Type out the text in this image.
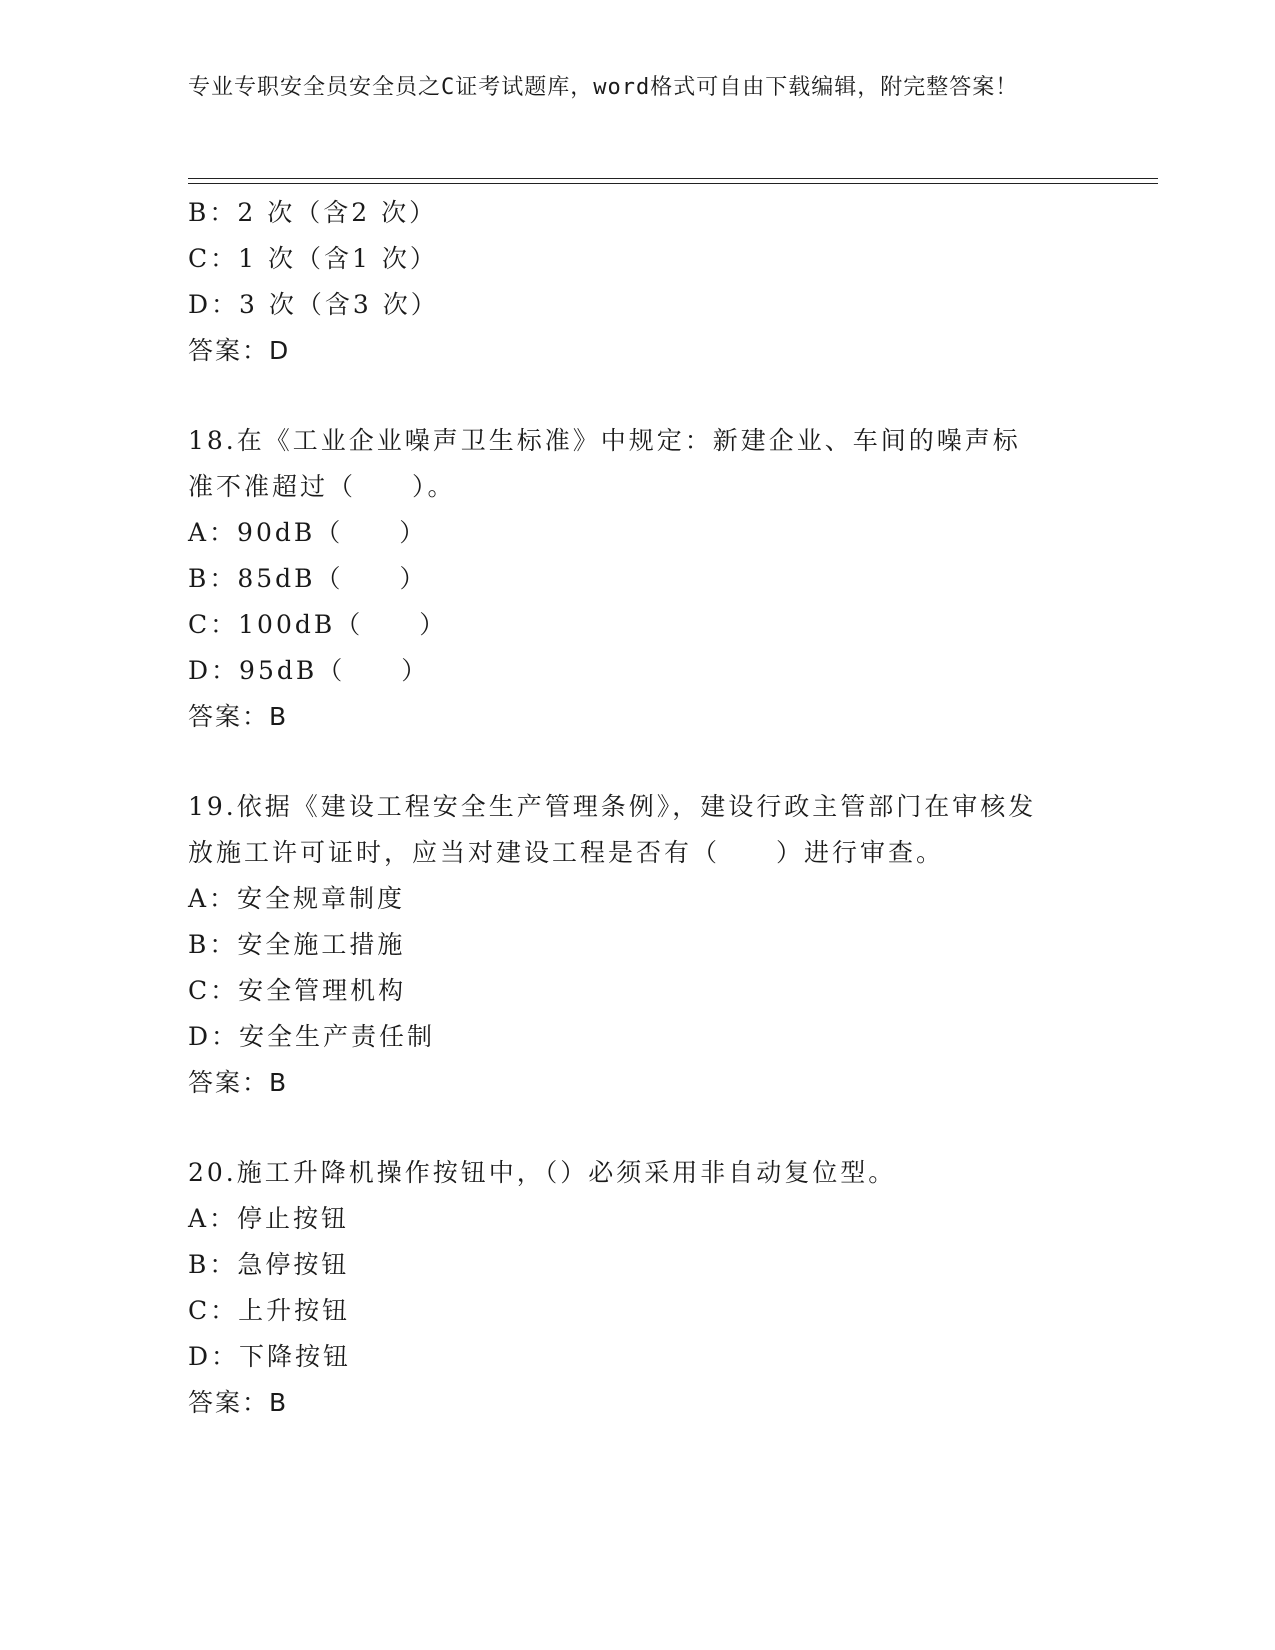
专业专职安全员安全员之C证考试题库，word格式可自由下载编辑，附完整答案！
B：2 次（含2 次）
C：1 次（含1 次）
D：3 次（含3 次）
答案：D
18.在《工业企业噪声卫生标准》中规定：新建企业、车间的噪声标准不准超过（　　）。
A：90dB（　　）
B：85dB（　　）
C：100dB（　　）
D：95dB（　　）
答案：B
19.依据《建设工程安全生产管理条例》，建设行政主管部门在审核发放施工许可证时，应当对建设工程是否有（　　）进行审查。
A：安全规章制度
B：安全施工措施
C：安全管理机构
D：安全生产责任制
答案：B
20.施工升降机操作按钮中，（）必须采用非自动复位型。
A：停止按钮
B：急停按钮
C：上升按钮
D：下降按钮
答案：B
